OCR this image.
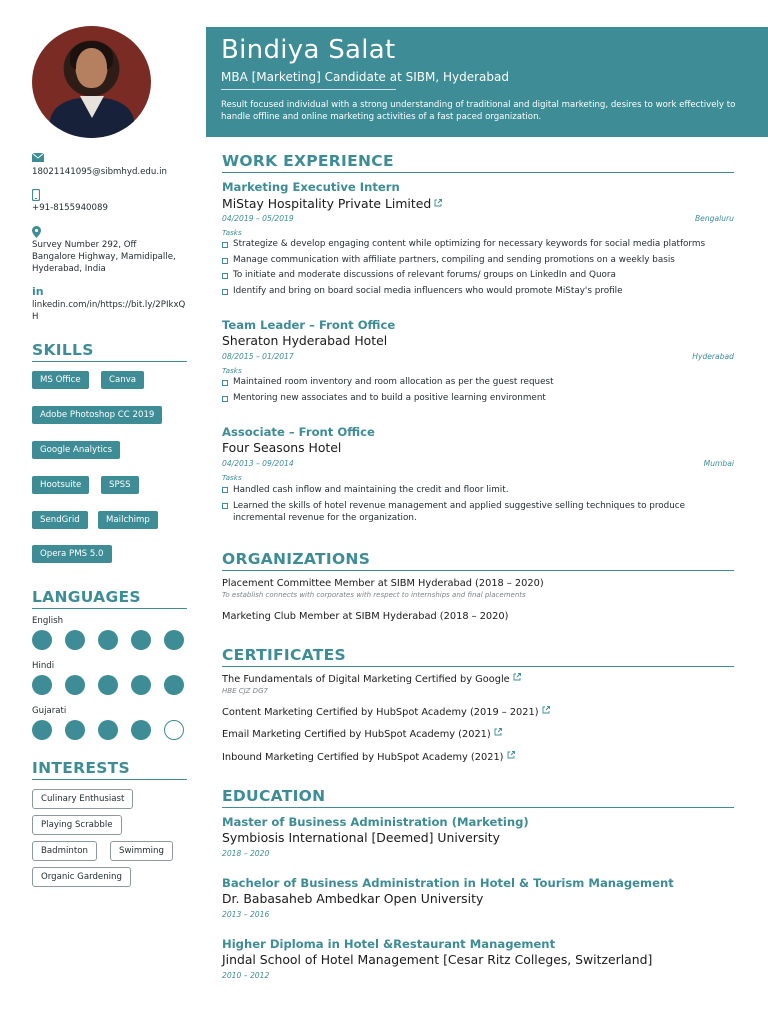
18021141095@sibmhyd.edu.in
+91-8155940089
Survey Number 292, Off Bangalore Highway, Mamidipalle, Hyderabad, India
in
linkedin.com/in/https://bit.ly/2PIkxQH
SKILLS
MS Office	Canva
Adobe Photoshop CC 2019
Google Analytics
Hootsuite	SPSS
SendGrid	Mailchimp
Opera PMS 5.0
LANGUAGES
English
Hindi
Gujarati
INTERESTS
Culinary Enthusiast
Playing Scrabble
Badminton	Swimming
Organic Gardening
Bindiya Salat
MBA [Marketing] Candidate at SIBM, Hyderabad
Result focused individual with a strong understanding of traditional and digital marketing, desires to work effectively to handle offline and online marketing activities of a fast paced organization.
WORK EXPERIENCE
Marketing Executive Intern
MiStay Hospitality Private Limited
04/2019 – 05/2019	Bengaluru
Tasks
Strategize & develop engaging content while optimizing for necessary keywords for social media platforms
Manage communication with affiliate partners, compiling and sending promotions on a weekly basis
To initiate and moderate discussions of relevant forums/ groups on LinkedIn and Quora
Identify and bring on board social media influencers who would promote MiStay's profile
Team Leader – Front Office
Sheraton Hyderabad Hotel
08/2015 – 01/2017	Hyderabad
Tasks
Maintained room inventory and room allocation as per the guest request
Mentoring new associates and to build a positive learning environment
Associate – Front Office
Four Seasons Hotel
04/2013 – 09/2014	Mumbai
Tasks
Handled cash inflow and maintaining the credit and floor limit.
Learned the skills of hotel revenue management and applied suggestive selling techniques to produce incremental revenue for the organization.
ORGANIZATIONS
Placement Committee Member at SIBM Hyderabad (2018 – 2020)
To establish connects with corporates with respect to internships and final placements
Marketing Club Member at SIBM Hyderabad (2018 – 2020)
CERTIFICATES
The Fundamentals of Digital Marketing Certified by Google
HBE CJZ DG7
Content Marketing Certified by HubSpot Academy (2019 – 2021)
Email Marketing Certified by HubSpot Academy (2021)
Inbound Marketing Certified by HubSpot Academy (2021)
EDUCATION
Master of Business Administration (Marketing)
Symbiosis International [Deemed] University
2018 – 2020
Bachelor of Business Administration in Hotel & Tourism Management
Dr. Babasaheb Ambedkar Open University
2013 – 2016
Higher Diploma in Hotel &Restaurant Management
Jindal School of Hotel Management [Cesar Ritz Colleges, Switzerland]
2010 – 2012
